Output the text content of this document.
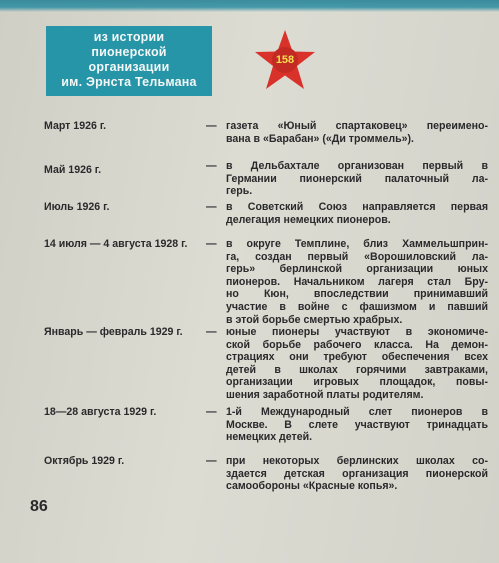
из истории
пионерской
организации
им. Эрнста Тельмана
158
Март 1926 г.	— газета «Юный спартаковец» переимено-
вана в «Барабан» («Ди троммель»).
Май 1926 г.	— в Дельбахтале организован первый в
Германии пионерский палаточный ла-
герь.
Июль 1926 г.	— в Советский Союз направляется первая
делегация немецких пионеров.
14 июля — 4 августа 1928 г.	— в округе Темплине, близ Хаммельшприн-
га, создан первый «Ворошиловский ла-
герь» берлинской организации юных
пионеров. Начальником лагеря стал Бру-
но Кюн, впоследствии принимавший
участие в войне с фашизмом и павший
в этой борьбе смертью храбрых.
Январь — февраль 1929 г.	— юные пионеры участвуют в экономиче-
ской борьбе рабочего класса. На демон-
страциях они требуют обеспечения всех
детей в школах горячими завтраками,
организации игровых площадок, повы-
шения заработной платы родителям.
18—28 августа 1929 г.	— 1-й Международный слет пионеров в
Москве. В слете участвуют тринадцать
немецких детей.
Октябрь 1929 г.	— при некоторых берлинских школах со-
здается детская организация пионерской
самообороны «Красные копья».
86
